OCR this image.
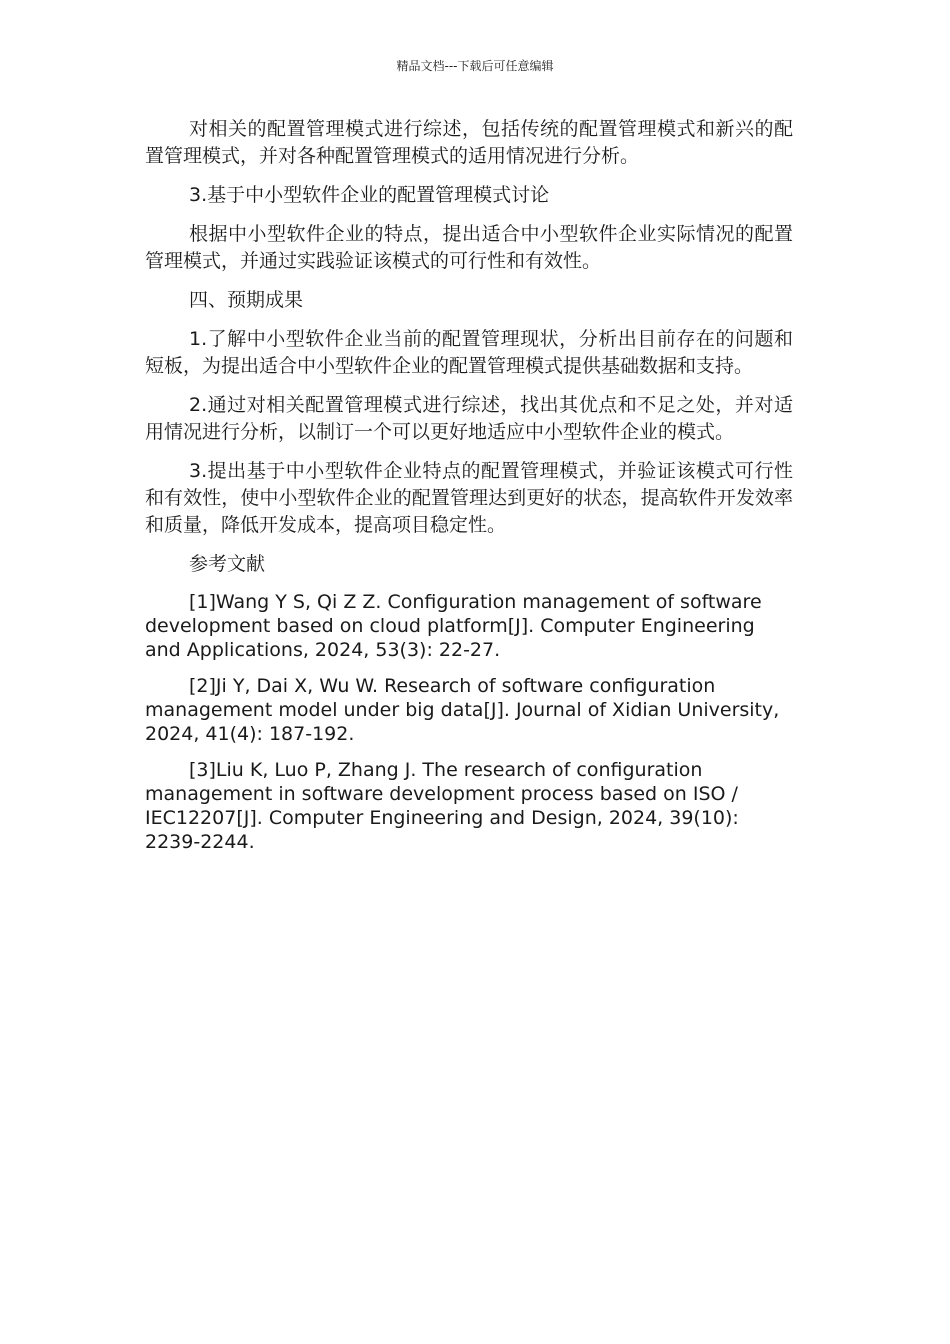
精品文档---下载后可任意编辑

对相关的配置管理模式进行综述，包括传统的配置管理模式和新兴的配置管理模式，并对各种配置管理模式的适用情况进行分析。

3.基于中小型软件企业的配置管理模式讨论

根据中小型软件企业的特点，提出适合中小型软件企业实际情况的配置管理模式，并通过实践验证该模式的可行性和有效性。

四、预期成果

1.了解中小型软件企业当前的配置管理现状，分析出目前存在的问题和短板，为提出适合中小型软件企业的配置管理模式提供基础数据和支持。

2.通过对相关配置管理模式进行综述，找出其优点和不足之处，并对适用情况进行分析，以制订一个可以更好地适应中小型软件企业的模式。

3.提出基于中小型软件企业特点的配置管理模式，并验证该模式可行性和有效性，使中小型软件企业的配置管理达到更好的状态，提高软件开发效率和质量，降低开发成本，提高项目稳定性。

参考文献

[1]Wang Y S, Qi Z Z. Configuration management of software development based on cloud platform[J]. Computer Engineering and Applications, 2024, 53(3): 22-27.

[2]Ji Y, Dai X, Wu W. Research of software configuration management model under big data[J]. Journal of Xidian University, 2024, 41(4): 187-192.

[3]Liu K, Luo P, Zhang J. The research of configuration management in software development process based on ISO / IEC12207[J]. Computer Engineering and Design, 2024, 39(10): 2239-2244.
